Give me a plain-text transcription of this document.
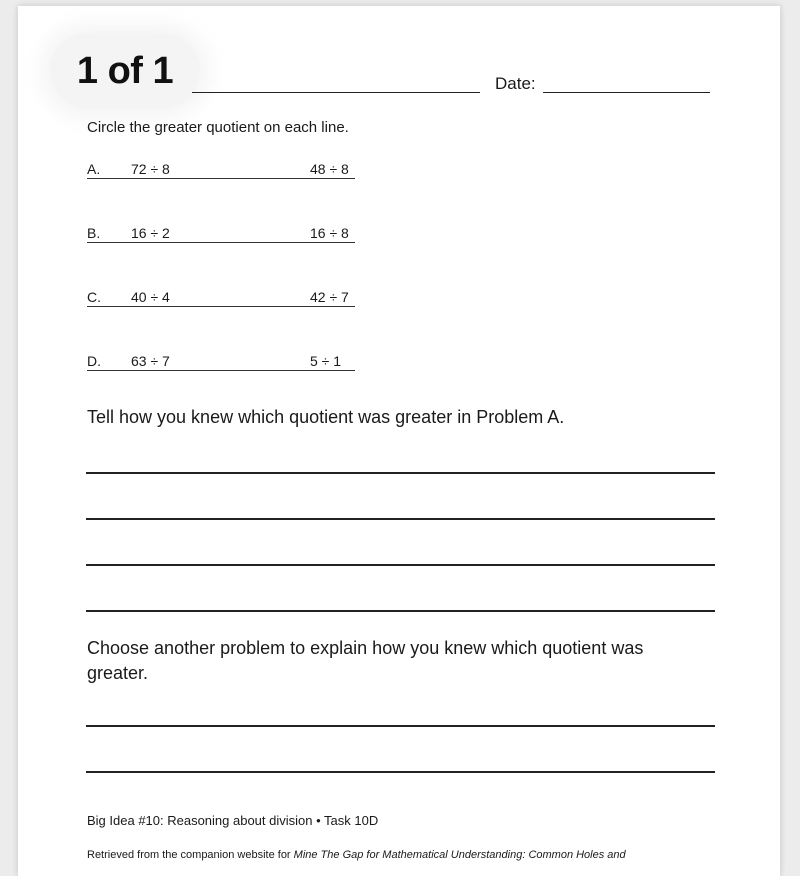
1 of 1	Date:
Circle the greater quotient on each line.
A. 72 ÷ 8	48 ÷ 8
B. 16 ÷ 2	16 ÷ 8
C. 40 ÷ 4	42 ÷ 7
D. 63 ÷ 7	5 ÷ 1
Tell how you knew which quotient was greater in Problem A.
Choose another problem to explain how you knew which quotient was greater.
Big Idea #10: Reasoning about division • Task 10D
Retrieved from the companion website for Mine The Gap for Mathematical Understanding: Common Holes and
